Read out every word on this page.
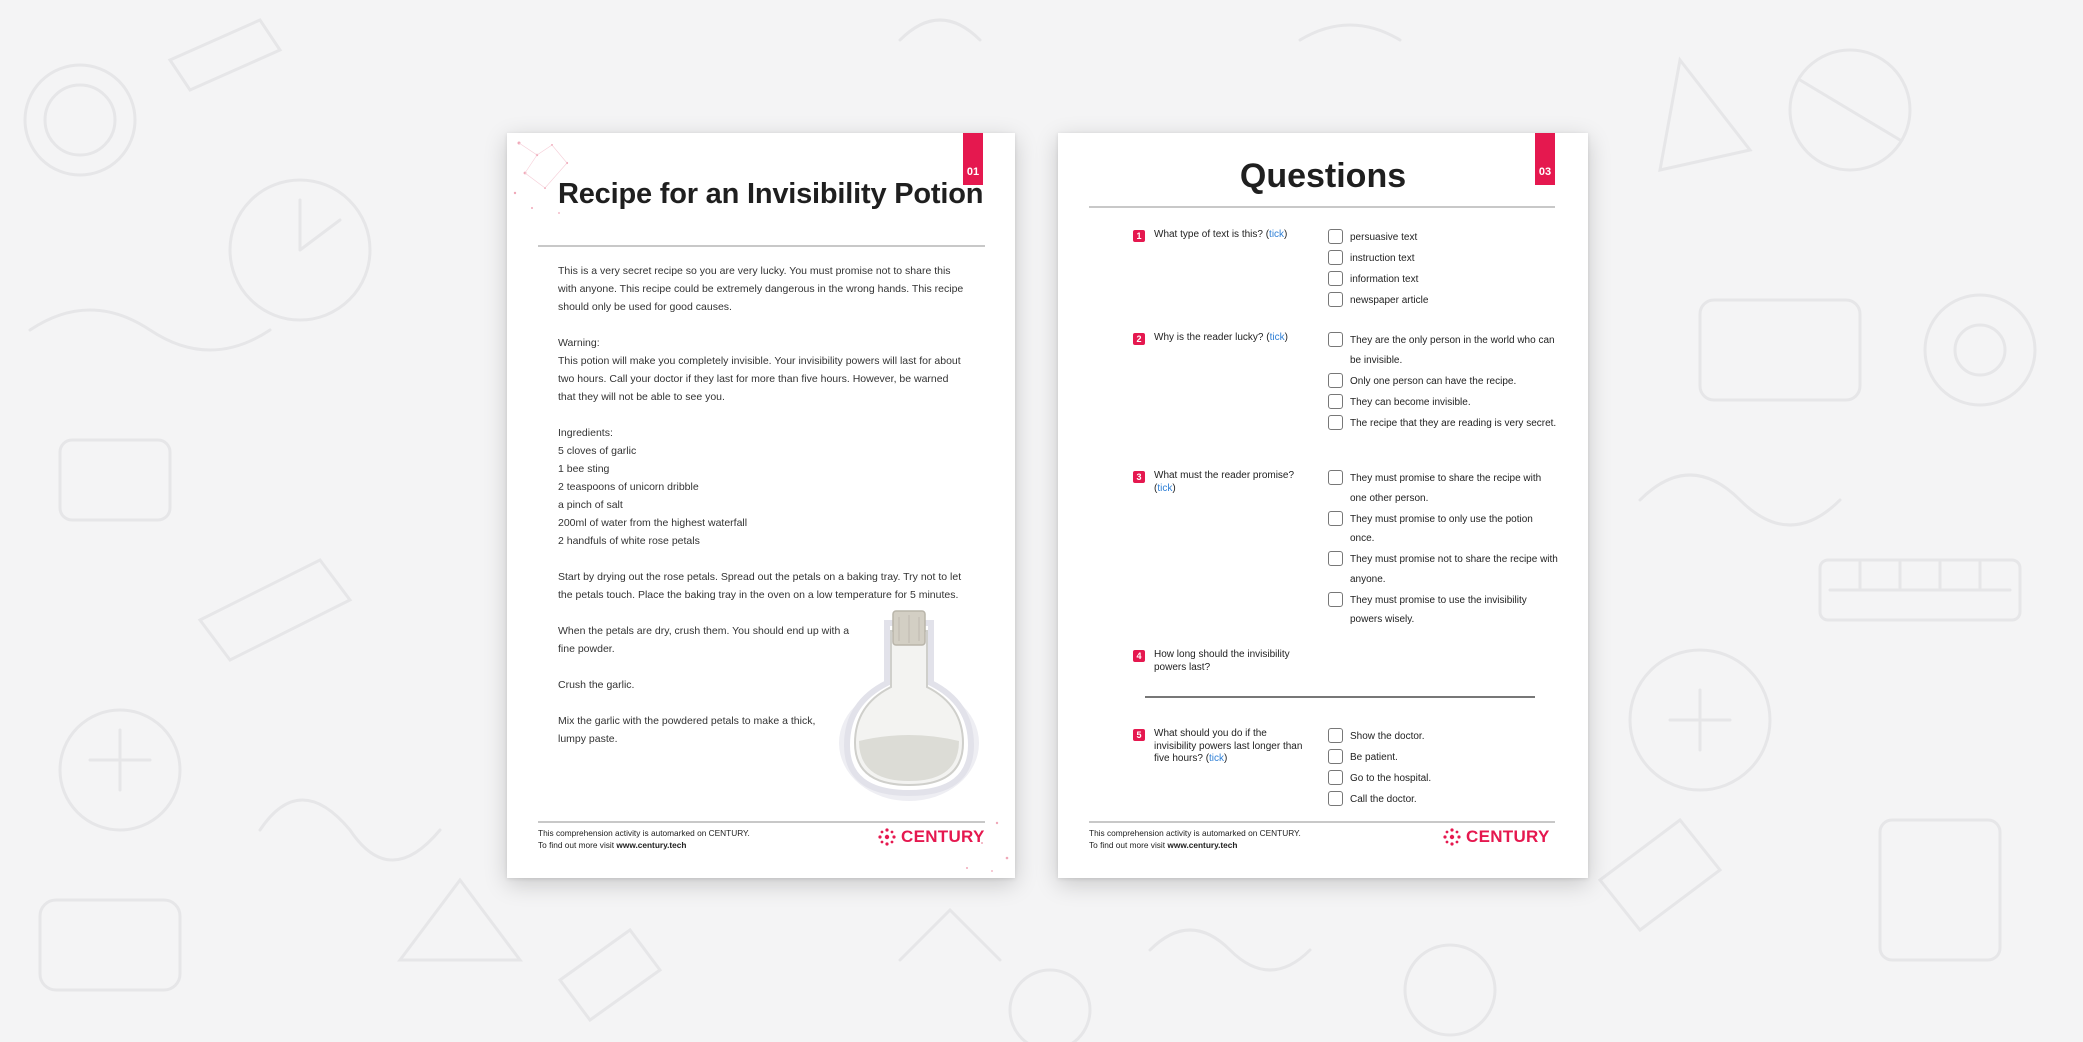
01
Recipe for an Invisibility Potion

This is a very secret recipe so you are very lucky. You must promise not to share this with anyone. This recipe could be extremely dangerous in the wrong hands. This recipe should only be used for good causes.

Warning:

This potion will make you completely invisible. Your invisibility powers will last for about two hours. Call your doctor if they last for more than five hours. However, be warned that they will not be able to see you.

Ingredients:

5 cloves of garlic

1 bee sting

2 teaspoons of unicorn dribble

a pinch of salt

200ml of water from the highest waterfall

2 handfuls of white rose petals

Start by drying out the rose petals. Spread out the petals on a baking tray. Try not to let the petals touch. Place the baking tray in the oven on a low temperature for 5 minutes.

When the petals are dry, crush them. You should end up with a fine powder.

Crush the garlic.

Mix the garlic with the powdered petals to make a thick, lumpy paste.

This comprehension activity is automarked on CENTURY.
To find out more visit www.century.tech	CENTURY
03
Questions
1	What type of text is this? (tick)	persuasive text
instruction text
information text
newspaper article
2	Why is the reader lucky? (tick)	They are the only person in the world who can be invisible.
Only one person can have the recipe.
They can become invisible.
The recipe that they are reading is very secret.
3	What must the reader promise? (tick)
They must promise to share the recipe with one other person.
They must promise to only use the potion once.
They must promise not to share the recipe with anyone.
They must promise to use the invisibility powers wisely.
4	How long should the invisibility powers last?
5	What should you do if the invisibility powers last longer than five hours? (tick)
Show the doctor.
Be patient.
Go to the hospital.
Call the doctor.
This comprehension activity is automarked on CENTURY.
To find out more visit www.century.tech	CENTURY
